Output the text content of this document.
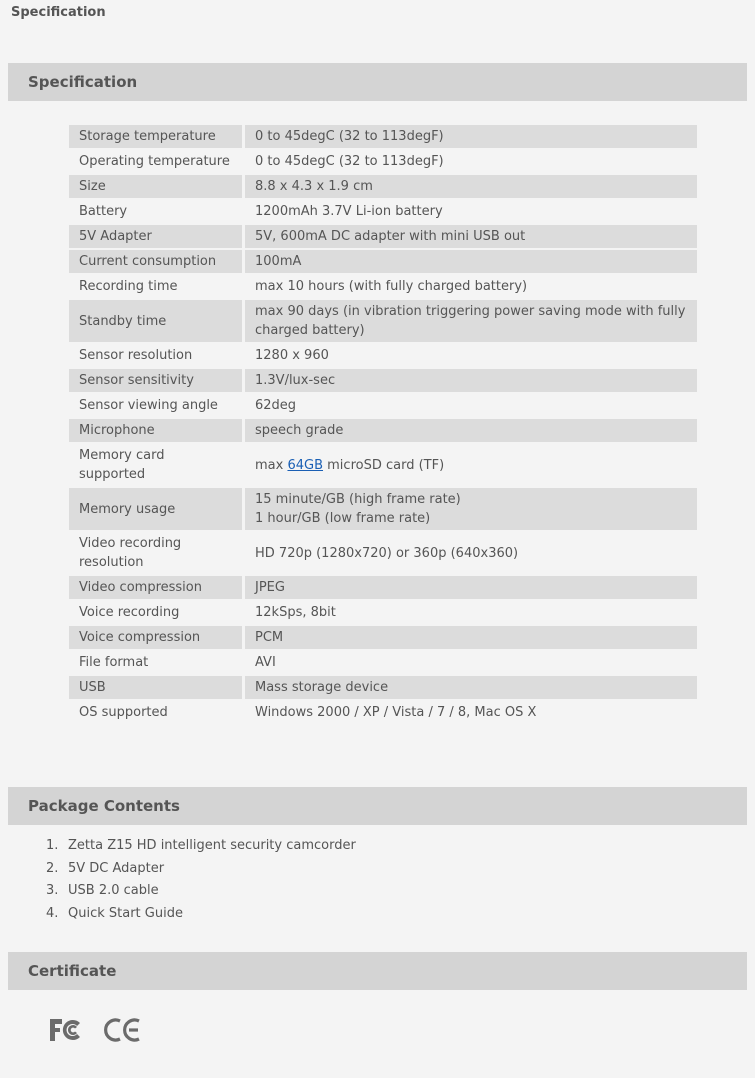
Specification
Specification
Storage temperature	0 to 45degC (32 to 113degF)
Operating temperature	0 to 45degC (32 to 113degF)
Size	8.8 x 4.3 x 1.9 cm
Battery	1200mAh 3.7V Li-ion battery
5V Adapter	5V, 600mA DC adapter with mini USB out
Current consumption	100mA
Recording time	max 10 hours (with fully charged battery)
Standby time	max 90 days (in vibration triggering power saving mode with fully charged battery)
Sensor resolution	1280 x 960
Sensor sensitivity	1.3V/lux-sec
Sensor viewing angle	62deg
Microphone	speech grade
Memory card supported	max 64GB microSD card (TF)
Memory usage	15 minute/GB (high frame rate)
1 hour/GB (low frame rate)

Video recording resolution	HD 720p (1280x720) or 360p (640x360)
Video compression	JPEG
Voice recording	12kSps, 8bit
Voice compression	PCM
File format	AVI
USB	Mass storage device
OS supported	Windows 2000 / XP / Vista / 7 / 8, Mac OS X
Package Contents
1. Zetta Z15 HD intelligent security camcorder
2. 5V DC Adapter
3. USB 2.0 cable
4. Quick Start Guide
Certificate
